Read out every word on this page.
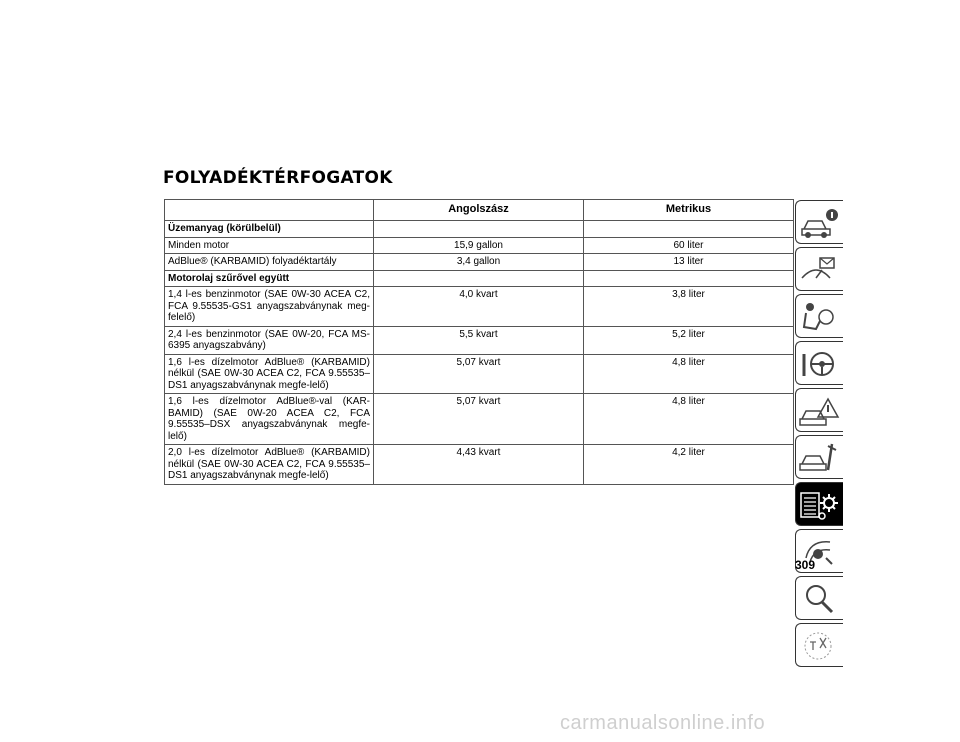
FOLYADÉKTÉRFOGATOK
	Angolszász	Metrikus
Üzemanyag (körülbelül)		
Minden motor	15,9 gallon	60 liter
AdBlue® (KARBAMID) folyadéktartály	3,4 gallon	13 liter
Motorolaj szűrővel együtt		
1,4 l-es benzinmotor (SAE 0W-30 ACEA C2, FCA 9.55535-GS1 anyagszabványnak meg-felelő)	4,0 kvart	3,8 liter
2,4 l-es benzinmotor (SAE 0W-20, FCA MS-6395 anyagszabvány)	5,5 kvart	5,2 liter
1,6 l-es dízelmotor AdBlue® (KARBAMID) nélkül (SAE 0W-30 ACEA C2, FCA 9.55535–DS1 anyagszabványnak megfe-lelő)	5,07 kvart	4,8 liter
1,6 l-es dízelmotor AdBlue®-val (KAR-BAMID) (SAE 0W-20 ACEA C2, FCA 9.55535–DSX anyagszabványnak megfe-lelő)	5,07 kvart	4,8 liter
2,0 l-es dízelmotor AdBlue® (KARBAMID) nélkül (SAE 0W-30 ACEA C2, FCA 9.55535–DS1 anyagszabványnak megfe-lelő)	4,43 kvart	4,2 liter
309
carmanualsonline.info
